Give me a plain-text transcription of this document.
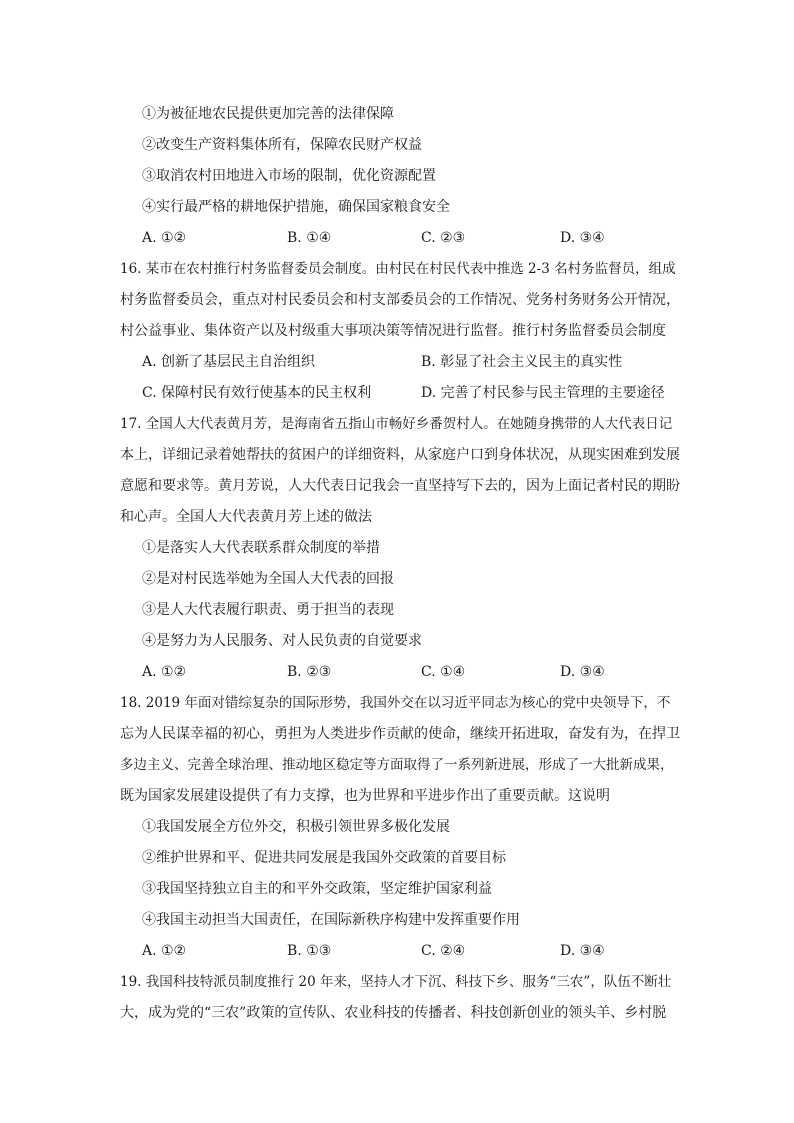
①为被征地农民提供更加完善的法律保障
②改变生产资料集体所有，保障农民财产权益
③取消农村田地进入市场的限制，优化资源配置
④实行最严格的耕地保护措施，确保国家粮食安全
A. ①②	B. ①④	C. ②③	D. ③④
16. 某市在农村推行村务监督委员会制度。由村民在村民代表中推选 2-3 名村务监督员，组成
村务监督委员会，重点对村民委员会和村支部委员会的工作情况、党务村务财务公开情况，
村公益事业、集体资产以及村级重大事项决策等情况进行监督。推行村务监督委员会制度
A. 创新了基层民主自治组织	B. 彰显了社会主义民主的真实性
C. 保障村民有效行使基本的民主权利	D. 完善了村民参与民主管理的主要途径
17. 全国人大代表黄月芳，是海南省五指山市畅好乡番贺村人。在她随身携带的人大代表日记
本上，详细记录着她帮扶的贫困户的详细资料，从家庭户口到身体状况，从现实困难到发展
意愿和要求等。黄月芳说，人大代表日记我会一直坚持写下去的，因为上面记者村民的期盼
和心声。全国人大代表黄月芳上述的做法
①是落实人大代表联系群众制度的举措
②是对村民选举她为全国人大代表的回报
③是人大代表履行职责、勇于担当的表现
④是努力为人民服务、对人民负责的自觉要求
A. ①②	B. ②③	C. ①④	D. ③④
18. 2019 年面对错综复杂的国际形势，我国外交在以习近平同志为核心的党中央领导下，不
忘为人民谋幸福的初心，勇担为人类进步作贡献的使命，继续开拓进取，奋发有为，在捍卫
多边主义、完善全球治理、推动地区稳定等方面取得了一系列新进展，形成了一大批新成果，
既为国家发展建设提供了有力支撑，也为世界和平进步作出了重要贡献。这说明
①我国发展全方位外交，积极引领世界多极化发展
②维护世界和平、促进共同发展是我国外交政策的首要目标
③我国坚持独立自主的和平外交政策，坚定维护国家利益
④我国主动担当大国责任，在国际新秩序构建中发挥重要作用
A. ①②	B. ①③	C. ②④	D. ③④
19. 我国科技特派员制度推行 20 年来，坚持人才下沉、科技下乡、服务“三农”，队伍不断壮
大，成为党的“三农”政策的宣传队、农业科技的传播者、科技创新创业的领头羊、乡村脱
